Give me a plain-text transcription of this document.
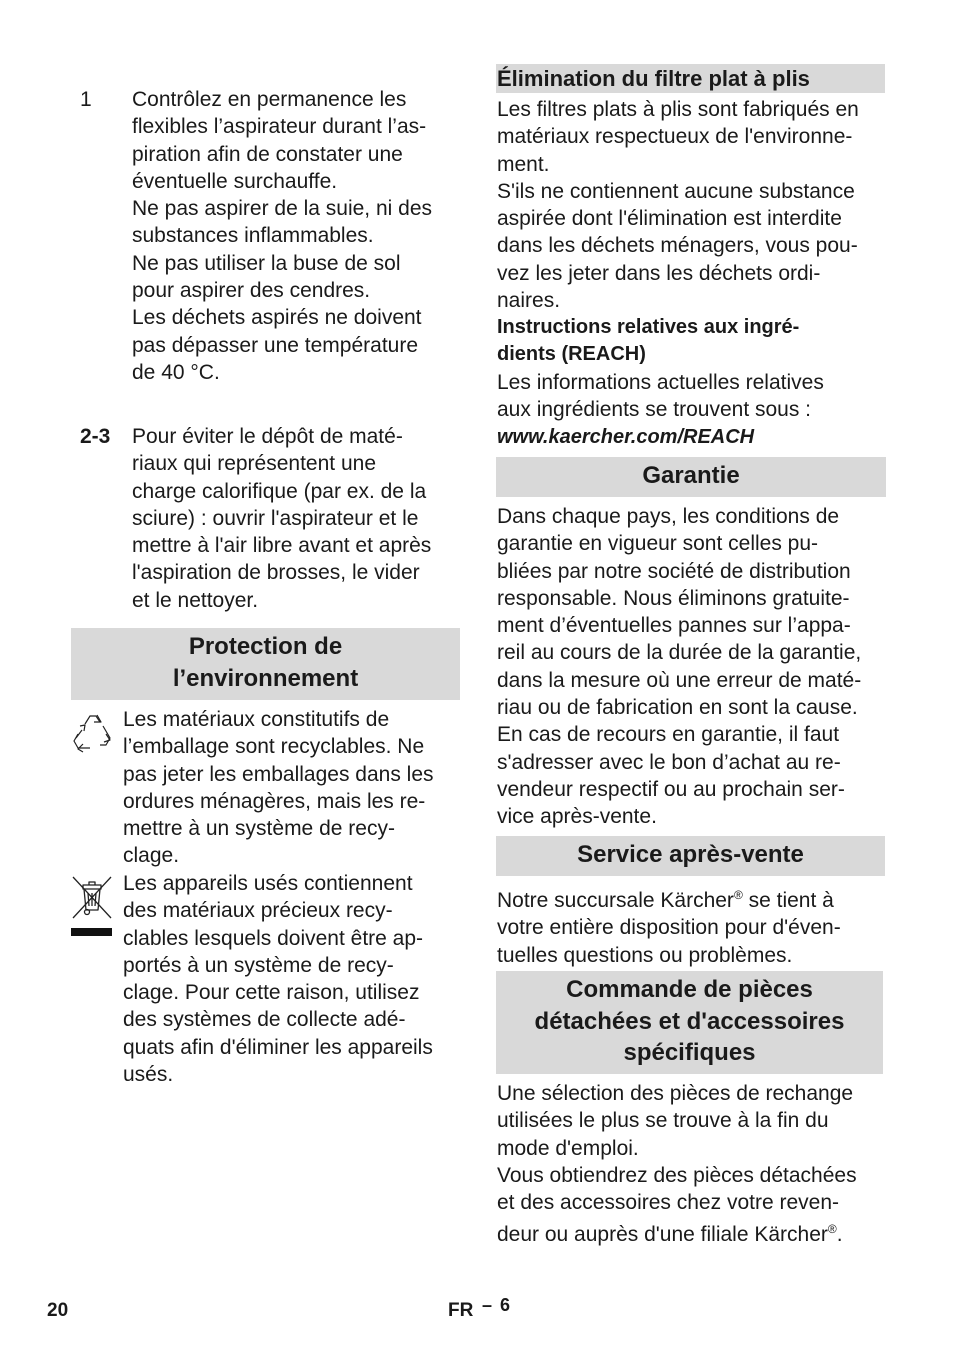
1 Contrôlez en permanence les
flexibles l’aspirateur durant l’as-
piration afin de constater une
éventuelle surchauffe.
Ne pas aspirer de la suie, ni des
substances inflammables.
Ne pas utiliser la buse de sol
pour aspirer des cendres.
Les déchets aspirés ne doivent
pas dépasser une température
de 40 °C.
2-3 Pour éviter le dépôt de maté-
riaux qui représentent une
charge calorifique (par ex. de la
sciure) : ouvrir l'aspirateur et le
mettre à l'air libre avant et après
l'aspiration de brosses, le vider
et le nettoyer.
Protection de
l’environnement
Les matériaux constitutifs de
l’emballage sont recyclables. Ne
pas jeter les emballages dans les
ordures ménagères, mais les re-
mettre à un système de recy-
clage.
Les appareils usés contiennent
des matériaux précieux recy-
clables lesquels doivent être ap-
portés à un système de recy-
clage. Pour cette raison, utilisez
des systèmes de collecte adé-
quats afin d'éliminer les appareils
usés.
Élimination du filtre plat à plis
Les filtres plats à plis sont fabriqués en
matériaux respectueux de l'environne-
ment.
S'ils ne contiennent aucune substance
aspirée dont l'élimination est interdite
dans les déchets ménagers, vous pou-
vez les jeter dans les déchets ordi-
naires.
Instructions relatives aux ingré-
dients (REACH)
Les informations actuelles relatives
aux ingrédients se trouvent sous :
www.kaercher.com/REACH
Garantie
Dans chaque pays, les conditions de
garantie en vigueur sont celles pu-
bliées par notre société de distribution
responsable. Nous éliminons gratuite-
ment d’éventuelles pannes sur l’appa-
reil au cours de la durée de la garantie,
dans la mesure où une erreur de maté-
riau ou de fabrication en sont la cause.
En cas de recours en garantie, il faut
s'adresser avec le bon d’achat au re-
vendeur respectif ou au prochain ser-
vice après-vente.
Service après-vente
Notre succursale Kärcher® se tient à
votre entière disposition pour d'éven-
tuelles questions ou problèmes.
Commande de pièces
détachées et d'accessoires
spécifiques
Une sélection des pièces de rechange
utilisées le plus se trouve à la fin du
mode d'emploi.
Vous obtiendrez des pièces détachées
et des accessoires chez votre reven-
deur ou auprès d'une filiale Kärcher®.
20	FR – 6
